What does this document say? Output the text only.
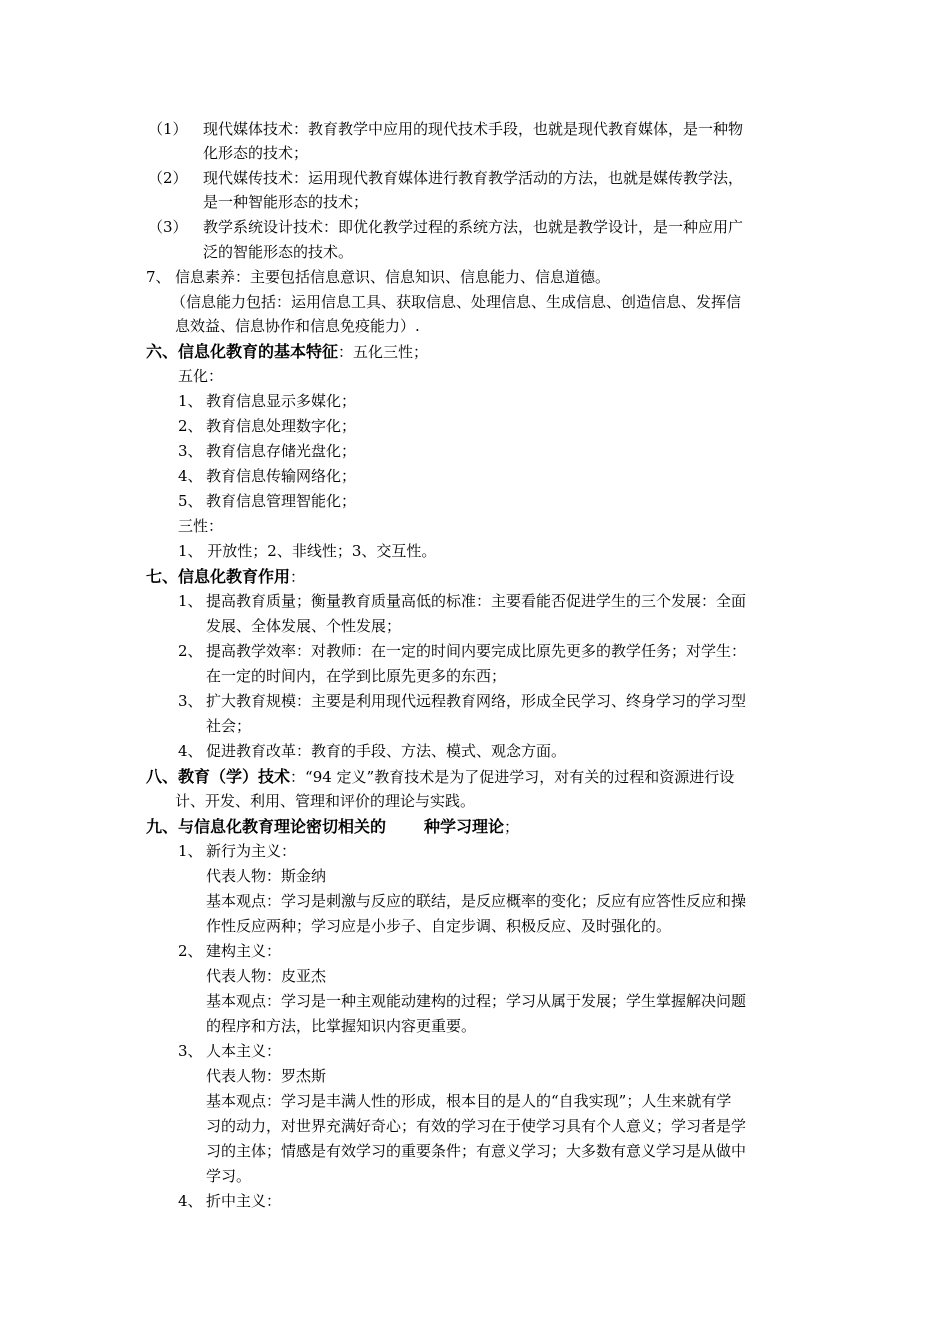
（1） 现代媒体技术：教育教学中应用的现代技术手段，也就是现代教育媒体，是一种物
化形态的技术；
（2） 现代媒传技术：运用现代教育媒体进行教育教学活动的方法，也就是媒传教学法，
是一种智能形态的技术；
（3） 教学系统设计技术：即优化教学过程的系统方法，也就是教学设计，是一种应用广
泛的智能形态的技术。
7、 信息素养：主要包括信息意识、信息知识、信息能力、信息道德。
（信息能力包括：运用信息工具、获取信息、处理信息、生成信息、创造信息、发挥信
息效益、信息协作和信息免疫能力）.
六、信息化教育的基本特征：五化三性；
五化：
1、 教育信息显示多媒化；
2、 教育信息处理数字化；
3、 教育信息存储光盘化；
4、 教育信息传输网络化；
5、 教育信息管理智能化；
三性：
1、 开放性；2、非线性；3、交互性。
七、信息化教育作用：
1、 提高教育质量；衡量教育质量高低的标准：主要看能否促进学生的三个发展：全面
发展、全体发展、个性发展；
2、 提高教学效率：对教师：在一定的时间内要完成比原先更多的教学任务；对学生：
在一定的时间内，在学到比原先更多的东西；
3、 扩大教育规模：主要是利用现代远程教育网络，形成全民学习、终身学习的学习型
社会；
4、 促进教育改革：教育的手段、方法、模式、观念方面。
八、教育（学）技术：“94 定义”教育技术是为了促进学习，对有关的过程和资源进行设
计、开发、利用、管理和评价的理论与实践。
九、与信息化教育理论密切相关的 种学习理论；
1、 新行为主义：
代表人物：斯金纳
基本观点：学习是刺激与反应的联结，是反应概率的变化；反应有应答性反应和操
作性反应两种；学习应是小步子、自定步调、积极反应、及时强化的。
2、 建构主义：
代表人物：皮亚杰
基本观点：学习是一种主观能动建构的过程；学习从属于发展；学生掌握解决问题
的程序和方法，比掌握知识内容更重要。
3、 人本主义：
代表人物：罗杰斯
基本观点：学习是丰满人性的形成，根本目的是人的“自我实现”；人生来就有学
习的动力，对世界充满好奇心；有效的学习在于使学习具有个人意义；学习者是学
习的主体；情感是有效学习的重要条件；有意义学习；大多数有意义学习是从做中
学习。
4、 折中主义：
